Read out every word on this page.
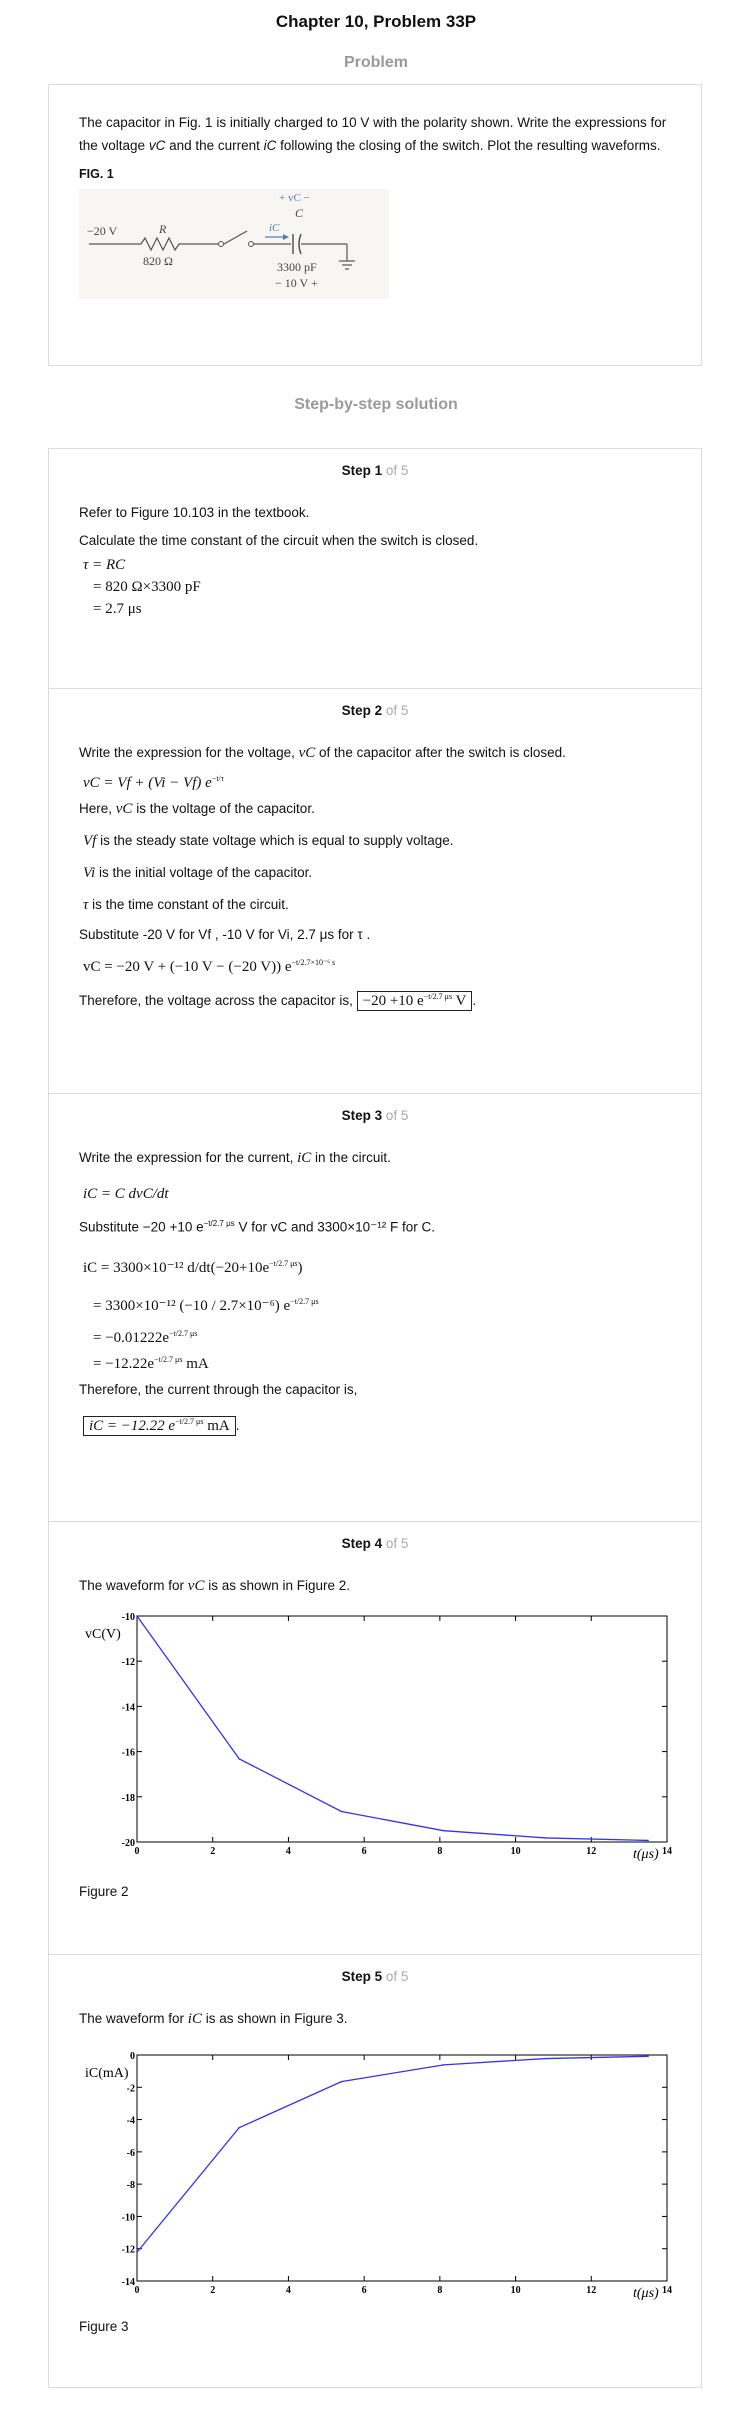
Chapter 10, Problem 33P
Problem

The capacitor in Fig. 1 is initially charged to 10 V with the polarity shown. Write the expressions for the voltage vC and the current iC following the closing of the switch. Plot the resulting waveforms.

FIG. 1
−20 V	R
820 Ω
iC
+ vC −
C
3300 pF
− 10 V +
Step-by-step solution
Step 1 of 5

Refer to Figure 10.103 in the textbook.

Calculate the time constant of the circuit when the switch is closed.

τ = RC
= 820 Ω×3300 pF
= 2.7 μs
Step 2 of 5

Write the expression for the voltage, vC of the capacitor after the switch is closed.

vC = Vf + (Vi − Vf) $e^{-t/\tau}$

Here, vC is the voltage of the capacitor.

Vf is the steady state voltage which is equal to supply voltage.

Vi is the initial voltage of the capacitor.

τ is the time constant of the circuit.

Substitute -20 V for Vf , -10 V for Vi, 2.7 μs for τ .

vC = −20 V + (−10 V − (−20 V)) $e^{-t/2.7\times 10^{-6} s}$

Therefore, the voltage across the capacitor is, −20 +10 $e^{-t/2.7 \mu s}$ V .

Step 3 of 5

Write the expression for the current, iC in the circuit.

iC = C dvC/dt

Substitute −20 +10 $e^{-t/2.7 \mu s}$ V for vC and 3300×10⁻¹² F for C.

iC = 3300×10⁻¹² $d/dt(-20+10e^{-t/2.7 \mu s})$
= 3300×10⁻¹² (−10 / 2.7×10⁻⁶) $e^{-t/2.7 \mu s}$
= $-0.01222e^{-t/2.7 \mu s}$
= $-12.22e^{-t/2.7 \mu s}$ mA

Therefore, the current through the capacitor is,

iC = −12.22 $e^{-t/2.7 \mu s}$ mA .

Step 4 of 5

The waveform for vC is as shown in Figure 2.

0	2	4	6	8	10	12	14
-10
-12
-14
-16
-18
-20
vC(V)
t(μs)
Figure 2
Step 5 of 5

The waveform for iC is as shown in Figure 3.

0	2	4	6	8	10	12	14
0
-2
-4
-6
-8
-10
-12
-14
iC(mA)
t(μs)
Figure 3
